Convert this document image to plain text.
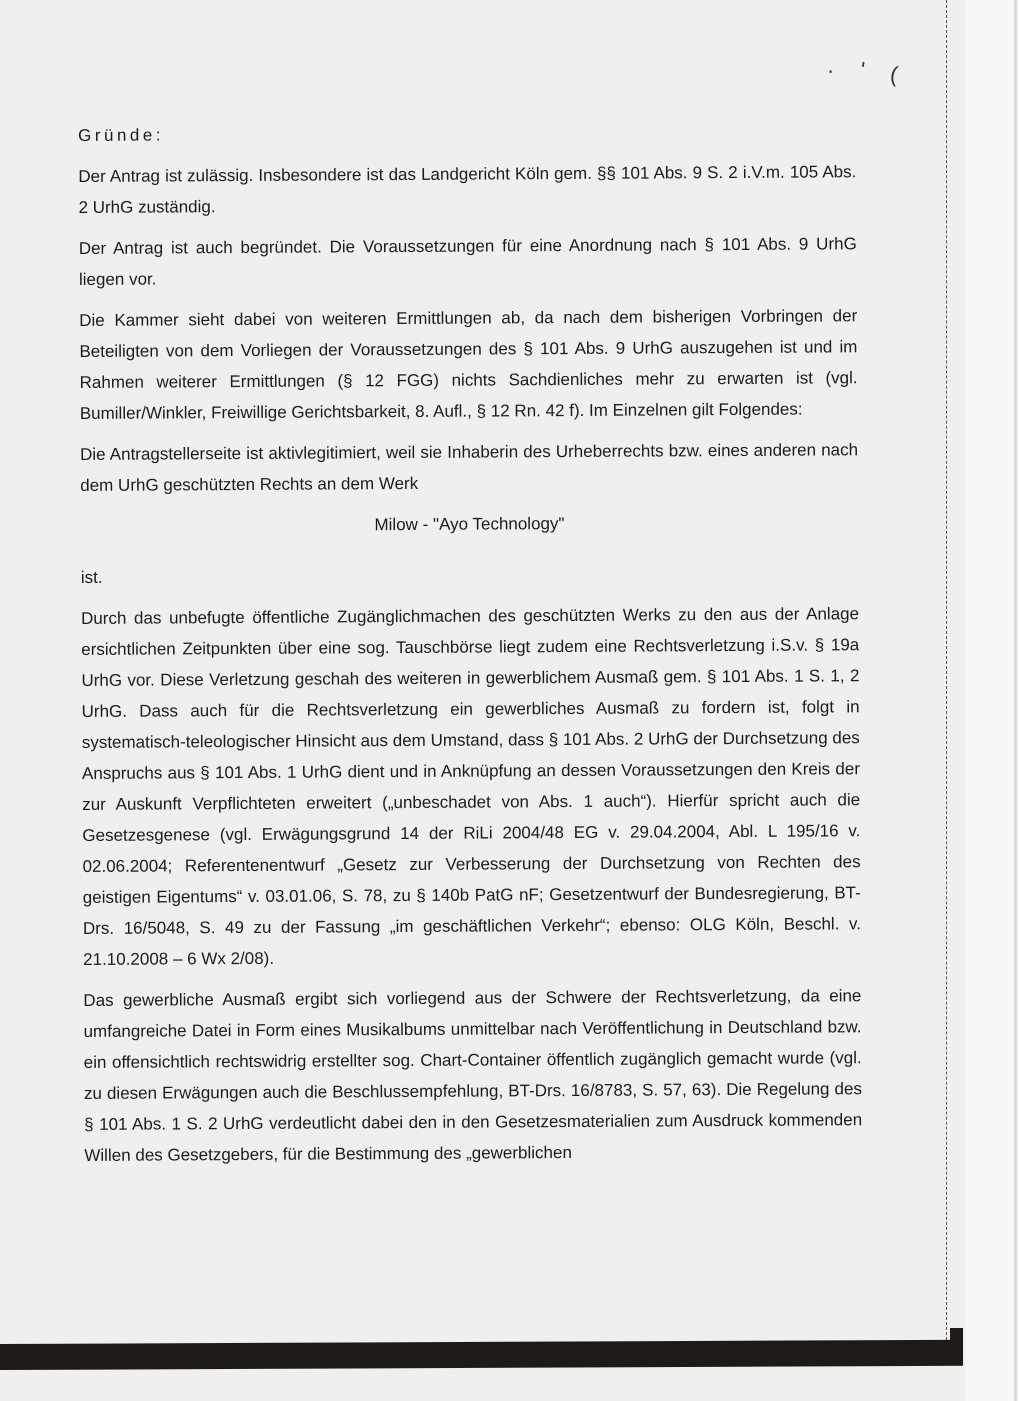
. ' (
Gründe:

Der Antrag ist zulässig. Insbesondere ist das Landgericht Köln gem. §§ 101 Abs. 9 S. 2 i.V.m. 105 Abs. 2 UrhG zuständig.

Der Antrag ist auch begründet. Die Voraussetzungen für eine Anordnung nach § 101 Abs. 9 UrhG liegen vor.

Die Kammer sieht dabei von weiteren Ermittlungen ab, da nach dem bisherigen Vorbringen der Beteiligten von dem Vorliegen der Voraussetzungen des § 101 Abs. 9 UrhG auszugehen ist und im Rahmen weiterer Ermittlungen (§ 12 FGG) nichts Sachdienliches mehr zu erwarten ist (vgl. Bumiller/Winkler, Freiwillige Gerichtsbarkeit, 8. Aufl., § 12 Rn. 42 f). Im Einzelnen gilt Folgendes:

Die Antragstellerseite ist aktivlegitimiert, weil sie Inhaberin des Urheberrechts bzw. eines anderen nach dem UrhG geschützten Rechts an dem Werk

Milow - "Ayo Technology"

ist.

Durch das unbefugte öffentliche Zugänglichmachen des geschützten Werks zu den aus der Anlage ersichtlichen Zeitpunkten über eine sog. Tauschbörse liegt zudem eine Rechtsverletzung i.S.v. § 19a UrhG vor. Diese Verletzung geschah des weiteren in gewerblichem Ausmaß gem. § 101 Abs. 1 S. 1, 2 UrhG. Dass auch für die Rechtsverletzung ein gewerbliches Ausmaß zu fordern ist, folgt in systematisch-teleologischer Hinsicht aus dem Umstand, dass § 101 Abs. 2 UrhG der Durchsetzung des Anspruchs aus § 101 Abs. 1 UrhG dient und in Anknüpfung an dessen Voraussetzungen den Kreis der zur Auskunft Verpflichteten erweitert („unbeschadet von Abs. 1 auch“). Hierfür spricht auch die Gesetzesgenese (vgl. Erwägungsgrund 14 der RiLi 2004/48 EG v. 29.04.2004, Abl. L 195/16 v. 02.06.2004; Referentenentwurf „Gesetz zur Verbesserung der Durchsetzung von Rechten des geistigen Eigentums“ v. 03.01.06, S. 78, zu § 140b PatG nF; Gesetzentwurf der Bundesregierung, BT-Drs. 16/5048, S. 49 zu der Fassung „im geschäftlichen Verkehr“; ebenso: OLG Köln, Beschl. v. 21.10.2008 – 6 Wx 2/08).

Das gewerbliche Ausmaß ergibt sich vorliegend aus der Schwere der Rechtsverletzung, da eine umfangreiche Datei in Form eines Musikalbums unmittelbar nach Veröffentlichung in Deutschland bzw. ein offensichtlich rechtswidrig erstellter sog. Chart-Container öffentlich zugänglich gemacht wurde (vgl. zu diesen Erwägungen auch die Beschlussempfehlung, BT-Drs. 16/8783, S. 57, 63). Die Regelung des § 101 Abs. 1 S. 2 UrhG verdeutlicht dabei den in den Gesetzesmaterialien zum Ausdruck kommenden Willen des Gesetzgebers, für die Bestimmung des „gewerblichen
